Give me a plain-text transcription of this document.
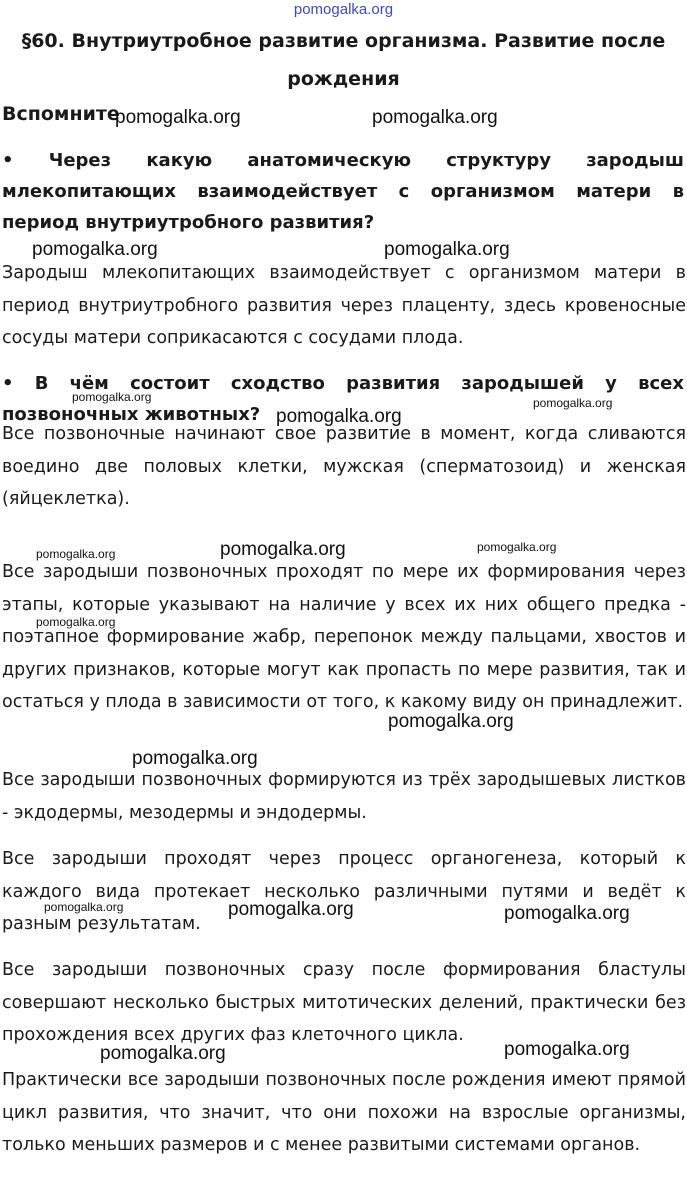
pomogalka.org
§60. Внутриутробное развитие организма. Развитие после рождения
Вспомните
• Через какую анатомическую структуру зародыш млекопитающих взаимодействует с организмом матери в период внутриутробного развития?
Зародыш млекопитающих взаимодействует с организмом матери в период внутриутробного развития через плаценту, здесь кровеносные сосуды матери соприкасаются с сосудами плода.
• В чём состоит сходство развития зародышей у всех позвоночных животных?
Все позвоночные начинают свое развитие в момент, когда сливаются воедино две половых клетки, мужская (сперматозоид) и женская (яйцеклетка).
Все зародыши позвоночных проходят по мере их формирования через этапы, которые указывают на наличие у всех их них общего предка - поэтапное формирование жабр, перепонок между пальцами, хвостов и других признаков, которые могут как пропасть по мере развития, так и остаться у плода в зависимости от того, к какому виду он принадлежит.
Все зародыши позвоночных формируются из трёх зародышевых листков - экдодермы, мезодермы и эндодермы.
Все зародыши проходят через процесс органогенеза, который к каждого вида протекает несколько различными путями и ведёт к разным результатам.
Все зародыши позвоночных сразу после формирования бластулы совершают несколько быстрых митотических делений, практически без прохождения всех других фаз клеточного цикла.
Практически все зародыши позвоночных после рождения имеют прямой цикл развития, что значит, что они похожи на взрослые организмы, только меньших размеров и с менее развитыми системами органов.
pomogalka.org	pomogalka.org
pomogalka.org	pomogalka.org
pomogalka.org	pomogalka.org
pomogalka.org
pomogalka.org	pomogalka.org	pomogalka.org
pomogalka.org
pomogalka.org
pomogalka.org
pomogalka.org	pomogalka.org	pomogalka.org
pomogalka.org	pomogalka.org
